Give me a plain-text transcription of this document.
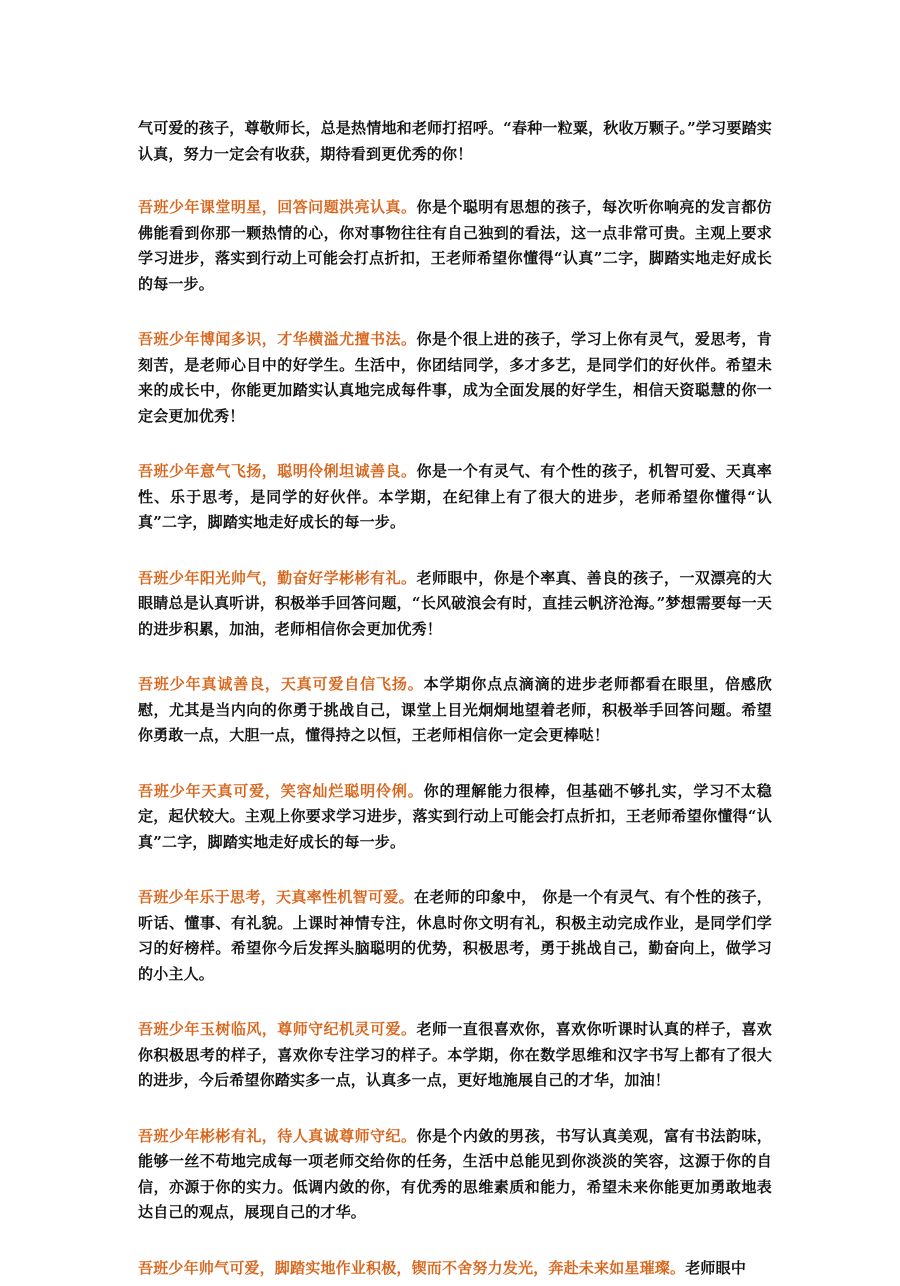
气可爱的孩子，尊敬师长，总是热情地和老师打招呼。“春种一粒粟，秋收万颗子。”学习要踏实认真，努力一定会有收获，期待看到更优秀的你！

吾班少年课堂明星，回答问题洪亮认真。你是个聪明有思想的孩子，每次听你响亮的发言都仿佛能看到你那一颗热情的心，你对事物往往有自己独到的看法，这一点非常可贵。主观上要求学习进步，落实到行动上可能会打点折扣，王老师希望你懂得“认真”二字，脚踏实地走好成长的每一步。

吾班少年博闻多识，才华横溢尤擅书法。你是个很上进的孩子，学习上你有灵气，爱思考，肯刻苦，是老师心目中的好学生。生活中，你团结同学，多才多艺，是同学们的好伙伴。希望未来的成长中，你能更加踏实认真地完成每件事，成为全面发展的好学生，相信天资聪慧的你一定会更加优秀！

吾班少年意气飞扬，聪明伶俐坦诚善良。你是一个有灵气、有个性的孩子，机智可爱、天真率性、乐于思考，是同学的好伙伴。本学期，在纪律上有了很大的进步，老师希望你懂得“认真”二字，脚踏实地走好成长的每一步。

吾班少年阳光帅气，勤奋好学彬彬有礼。老师眼中，你是个率真、善良的孩子，一双漂亮的大眼睛总是认真听讲，积极举手回答问题，“长风破浪会有时，直挂云帆济沧海。”梦想需要每一天的进步积累，加油，老师相信你会更加优秀！

吾班少年真诚善良，天真可爱自信飞扬。本学期你点点滴滴的进步老师都看在眼里，倍感欣慰，尤其是当内向的你勇于挑战自己，课堂上目光炯炯地望着老师，积极举手回答问题。希望你勇敢一点，大胆一点，懂得持之以恒，王老师相信你一定会更棒哒！

吾班少年天真可爱，笑容灿烂聪明伶俐。你的理解能力很棒，但基础不够扎实，学习不太稳定，起伏较大。主观上你要求学习进步，落实到行动上可能会打点折扣，王老师希望你懂得“认真”二字，脚踏实地走好成长的每一步。

吾班少年乐于思考，天真率性机智可爱。在老师的印象中， 你是一个有灵气、有个性的孩子，听话、懂事、有礼貌。上课时神情专注，休息时你文明有礼，积极主动完成作业，是同学们学习的好榜样。希望你今后发挥头脑聪明的优势，积极思考，勇于挑战自己，勤奋向上，做学习的小主人。

吾班少年玉树临风，尊师守纪机灵可爱。老师一直很喜欢你，喜欢你听课时认真的样子，喜欢你积极思考的样子，喜欢你专注学习的样子。本学期，你在数学思维和汉字书写上都有了很大的进步，今后希望你踏实多一点，认真多一点，更好地施展自己的才华，加油！

吾班少年彬彬有礼，待人真诚尊师守纪。你是个内敛的男孩，书写认真美观，富有书法韵味，能够一丝不苟地完成每一项老师交给你的任务，生活中总能见到你淡淡的笑容，这源于你的自信，亦源于你的实力。低调内敛的你，有优秀的思维素质和能力，希望未来你能更加勇敢地表达自己的观点，展现自己的才华。

吾班少年帅气可爱，脚踏实地作业积极，锲而不舍努力发光，奔赴未来如星璀璨。老师眼中
